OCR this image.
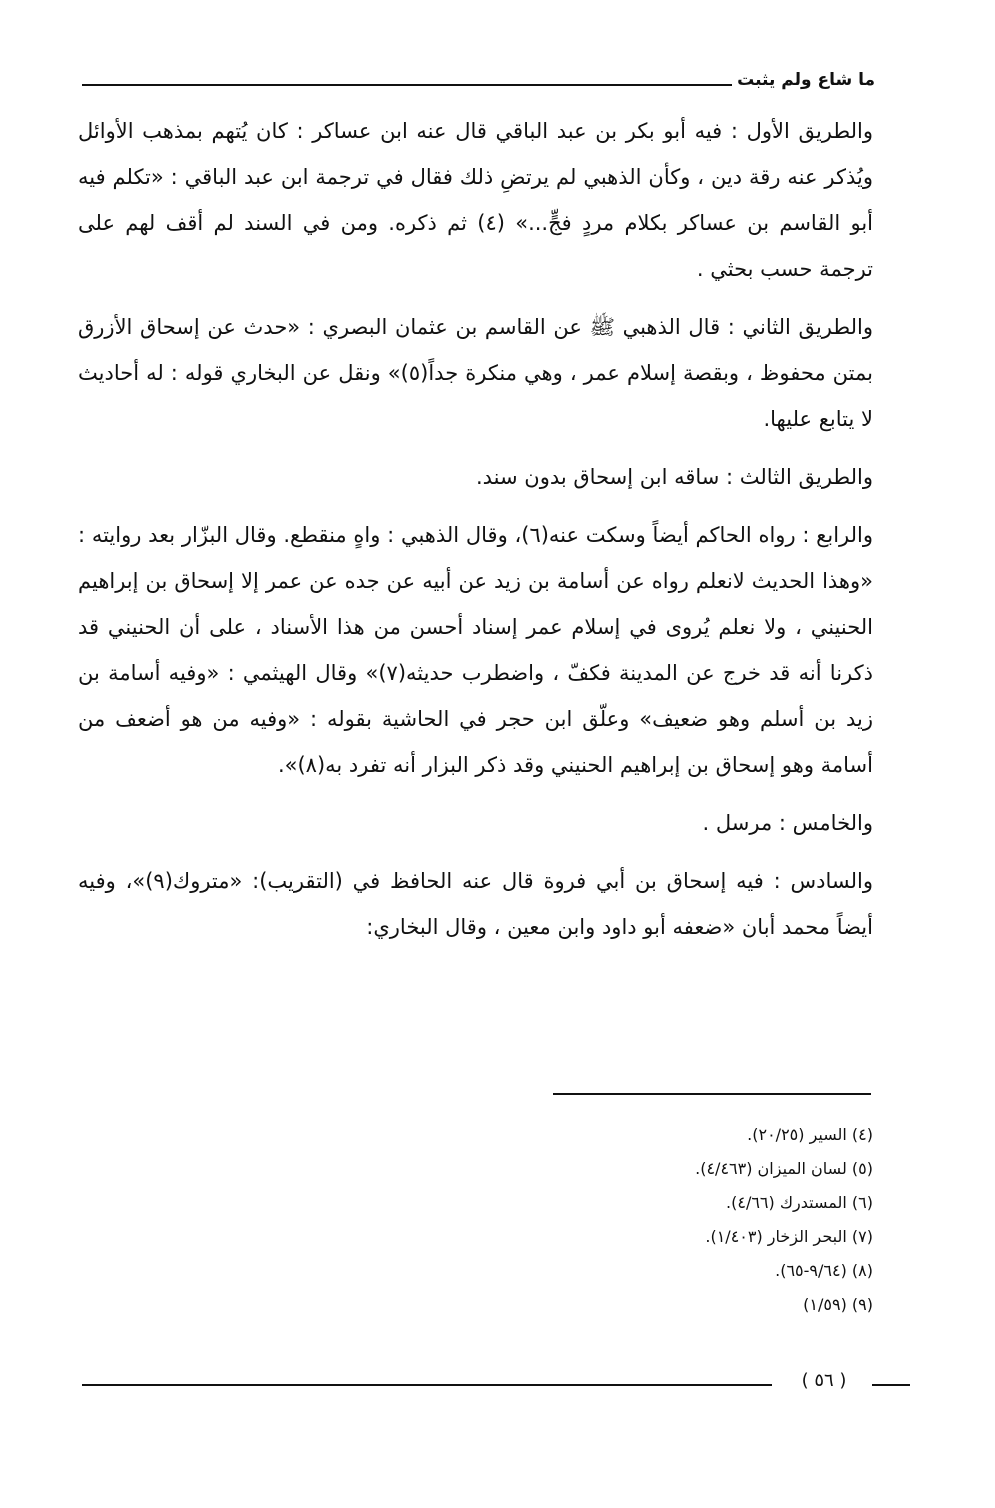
ما شاع ولم يثبت

والطريق الأول : فيه أبو بكر بن عبد الباقي قال عنه ابن عساكر : كان يُتهم بمذهب الأوائل ويُذكر عنه رقة دين ، وكأن الذهبي لم يرتضِ ذلك فقال في ترجمة ابن عبد الباقي : «تكلم فيه أبو القاسم بن عساكر بكلام مردٍ فجٍّ...» (٤) ثم ذكره. ومن في السند لم أقف لهم على ترجمة حسب بحثي .

والطريق الثاني : قال الذهبي ﷺ عن القاسم بن عثمان البصري : «حدث عن إسحاق الأزرق بمتن محفوظ ، وبقصة إسلام عمر ، وهي منكرة جداً(٥)» ونقل عن البخاري قوله : له أحاديث لا يتابع عليها.

والطريق الثالث : ساقه ابن إسحاق بدون سند.

والرابع : رواه الحاكم أيضاً وسكت عنه(٦)، وقال الذهبي : واهٍ منقطع. وقال البزّار بعد روايته : «وهذا الحديث لانعلم رواه عن أسامة بن زيد عن أبيه عن جده عن عمر إلا إسحاق بن إبراهيم الحنيني ، ولا نعلم يُروى في إسلام عمر إسناد أحسن من هذا الأسناد ، على أن الحنيني قد ذكرنا أنه قد خرج عن المدينة فكفّ ، واضطرب حديثه(٧)» وقال الهيثمي : «وفيه أسامة بن زيد بن أسلم وهو ضعيف» وعلّق ابن حجر في الحاشية بقوله : «وفيه من هو أضعف من أسامة وهو إسحاق بن إبراهيم الحنيني وقد ذكر البزار أنه تفرد به(٨)».

والخامس : مرسل .

والسادس : فيه إسحاق بن أبي فروة قال عنه الحافظ في (التقريب): «متروك(٩)»، وفيه أيضاً محمد أبان «ضعفه أبو داود وابن معين ، وقال البخاري:

(٤) السير (٢٠/٢٥).
(٥) لسان الميزان (٤/٤٦٣).
(٦) المستدرك (٤/٦٦).
(٧) البحر الزخار (١/٤٠٣).
(٨) (٩/٦٤-٦٥).
(٩) (١/٥٩)
( ٥٦ )
